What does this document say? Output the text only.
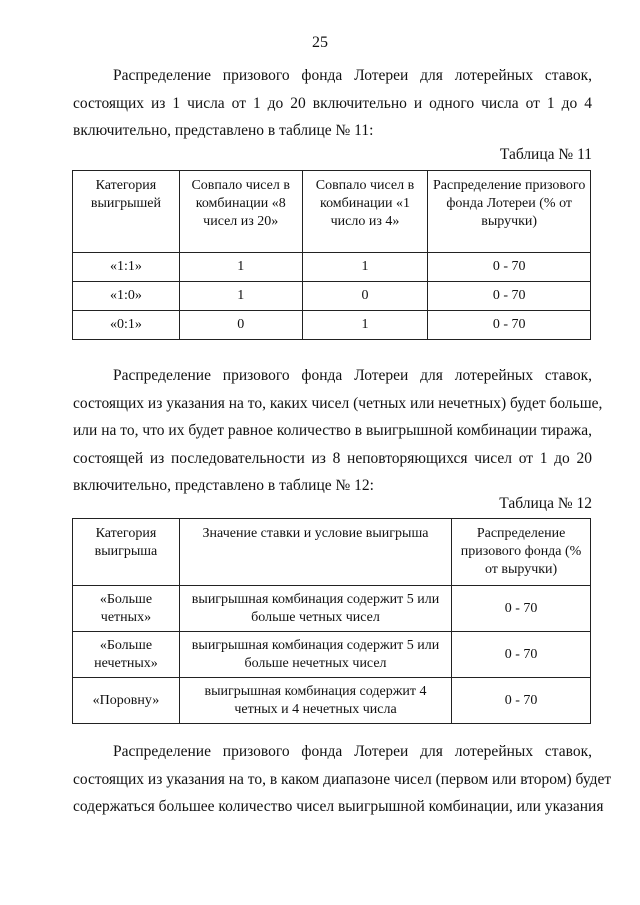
25
Распределение призового фонда Лотереи для лотерейных ставок,
состоящих из 1 числа от 1 до 20 включительно и одного числа от 1 до 4
включительно, представлено в таблице № 11:
Таблица № 11
Категория выигрышей	Совпало чисел в комбинации «8 чисел из 20»	Совпало чисел в комбинации «1 число из 4»	Распределение призового фонда Лотереи (% от выручки)
«1:1»	1	1	0 - 70
«1:0»	1	0	0 - 70
«0:1»	0	1	0 - 70
Распределение призового фонда Лотереи для лотерейных ставок,
состоящих из указания на то, каких чисел (четных или нечетных) будет больше,
или на то, что их будет равное количество в выигрышной комбинации тиража,
состоящей из последовательности из 8 неповторяющихся чисел от 1 до 20
включительно, представлено в таблице № 12:
Таблица № 12
Категория выигрыша	Значение ставки и условие выигрыша	Распределение призового фонда (% от выручки)
«Больше четных»	выигрышная комбинация содержит 5 или больше четных чисел	0 - 70
«Больше нечетных»	выигрышная комбинация содержит 5 или больше нечетных чисел	0 - 70
«Поровну»	выигрышная комбинация содержит 4 четных и 4 нечетных числа	0 - 70
Распределение призового фонда Лотереи для лотерейных ставок,
состоящих из указания на то, в каком диапазоне чисел (первом или втором) будет
содержаться большее количество чисел выигрышной комбинации, или указания
